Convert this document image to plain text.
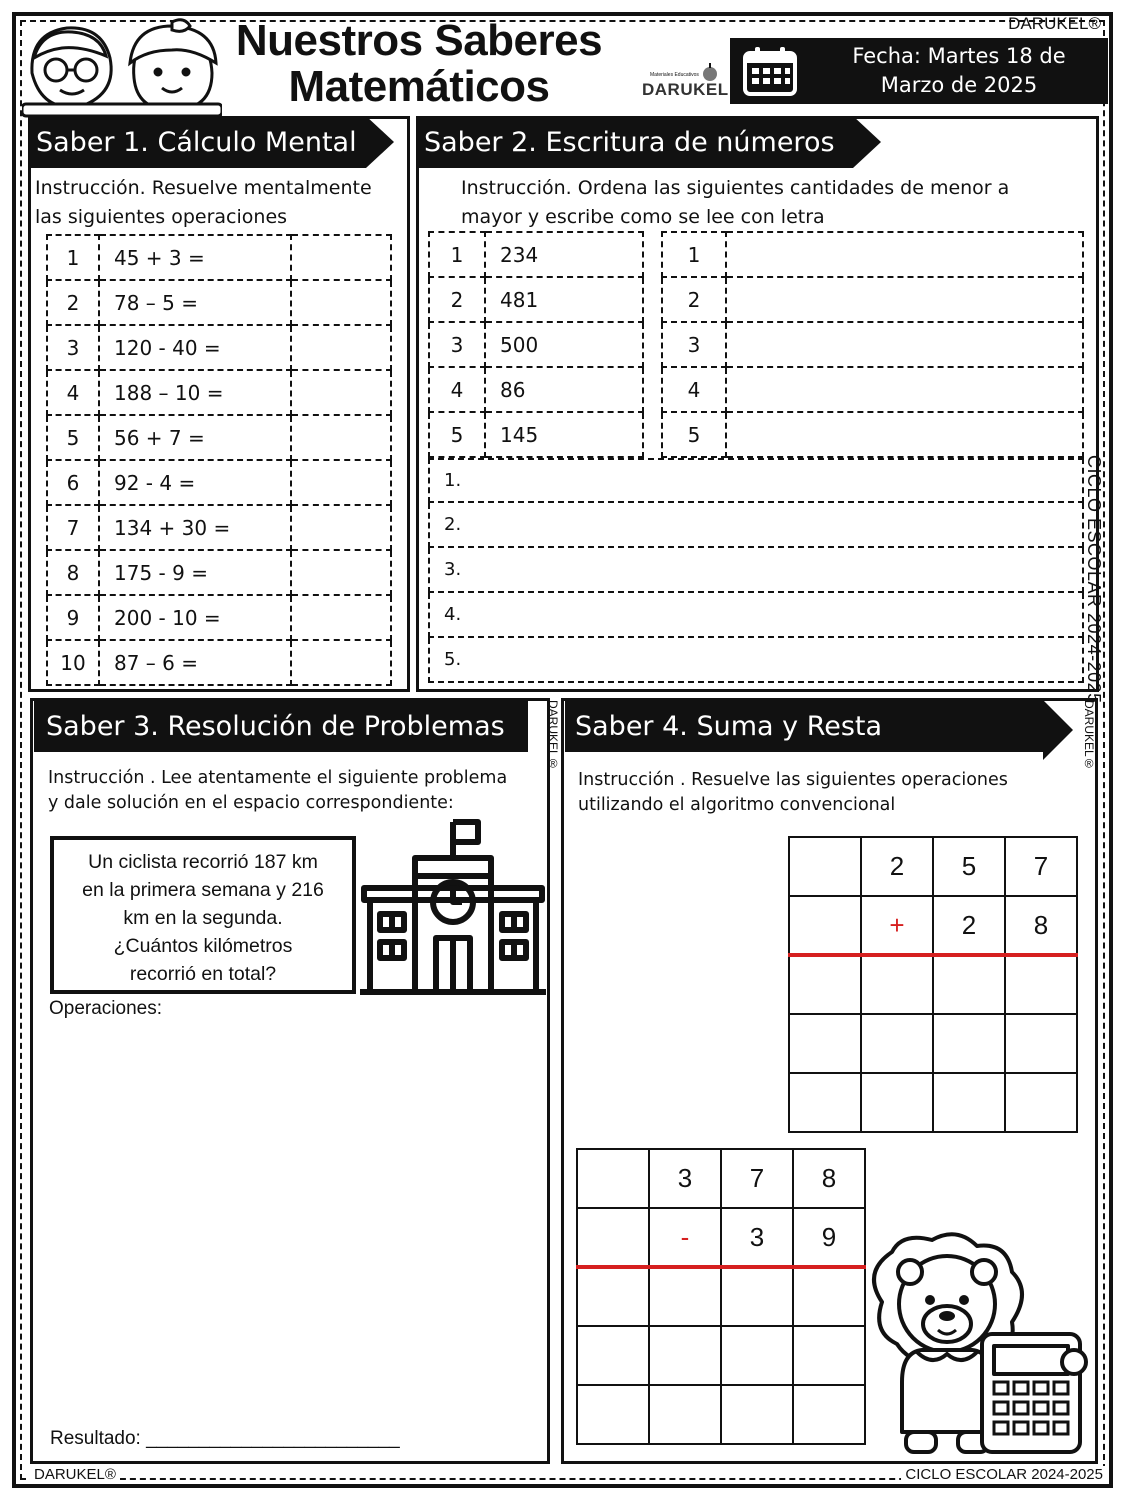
DARUKEL®
Nuestros Saberes
Matemáticos	Materiales Educativos
DARUKEL
Fecha: Martes 18 de
Marzo de 2025
Saber 1. Cálculo Mental
Instrucción. Resuelve mentalmente
las siguientes operaciones
1	45 + 3 =	
2	78 – 5 =	
3	120 - 40 =	
4	188 – 10 =	
5	56 + 7 =	
6	92 - 4 =	
7	134 + 30 =	
8	175 - 9 =	
9	200 - 10 =	
10	87 – 6 =	
Saber 2. Escritura de números
Instrucción. Ordena las siguientes cantidades de menor a
mayor y escribe como se lee con letra
1	234
2	481
3	500
4	86
5	145
1	
2	
3	
4	
5	
1.
2.
3.
4.
5.	CICLO ESCOLAR 2024-2025
Saber 3. Resolución de Problemas	DARUKEL®
Instrucción . Lee atentamente el siguiente problema
y dale solución en el espacio correspondiente:
Un ciclista recorrió 187 km
en la primera semana y 216
km en la segunda.
¿Cuántos kilómetros
recorrió en total?
Operaciones:
Resultado: ________________________
Saber 4. Suma y Resta	DARUKEL®
Instrucción . Resuelve las siguientes operaciones
utilizando el algoritmo convencional
	2	5	7
	+	2	8

	3	7	8
	-	3	9

DARUKEL®	CICLO ESCOLAR 2024-2025
